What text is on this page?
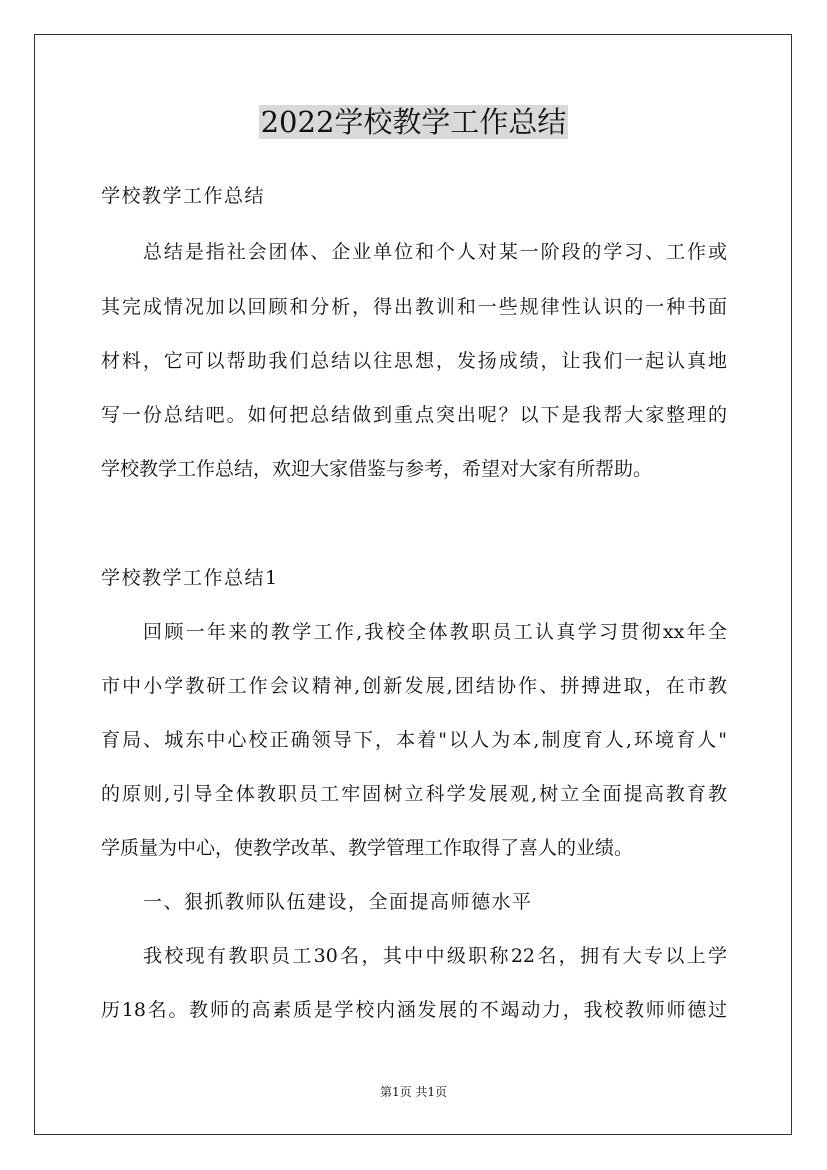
2022学校教学工作总结
学校教学工作总结
总结是指社会团体、企业单位和个人对某一阶段的学习、工作或
其完成情况加以回顾和分析，得出教训和一些规律性认识的一种书面
材料，它可以帮助我们总结以往思想，发扬成绩，让我们一起认真地
写一份总结吧。如何把总结做到重点突出呢？以下是我帮大家整理的
学校教学工作总结，欢迎大家借鉴与参考，希望对大家有所帮助。
学校教学工作总结1
回顾一年来的教学工作,我校全体教职员工认真学习贯彻xx年全
市中小学教研工作会议精神,创新发展,团结协作、拼搏进取，在市教
育局、城东中心校正确领导下，本着"以人为本,制度育人,环境育人"
的原则,引导全体教职员工牢固树立科学发展观,树立全面提高教育教
学质量为中心，使教学改革、教学管理工作取得了喜人的业绩。
一、狠抓教师队伍建设，全面提高师德水平
我校现有教职员工30名，其中中级职称22名，拥有大专以上学
历18名。教师的高素质是学校内涵发展的不竭动力，我校教师师德过
第1页 共1页
